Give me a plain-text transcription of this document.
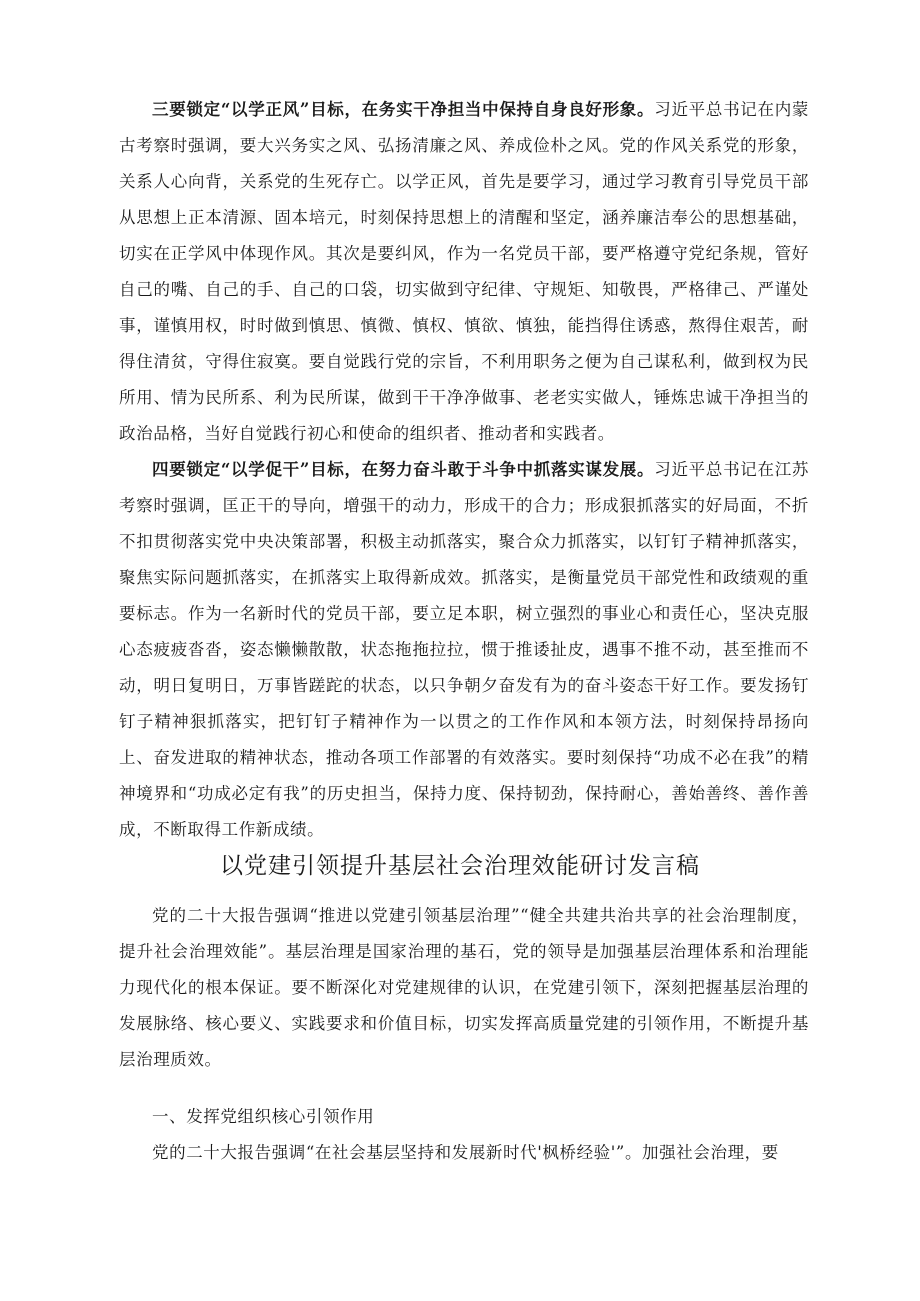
三要锁定“以学正风”目标，在务实干净担当中保持自身良好形象。习近平总书记在内蒙古考察时强调，要大兴务实之风、弘扬清廉之风、养成俭朴之风。党的作风关系党的形象，关系人心向背，关系党的生死存亡。以学正风，首先是要学习，通过学习教育引导党员干部从思想上正本清源、固本培元，时刻保持思想上的清醒和坚定，涵养廉洁奉公的思想基础，切实在正学风中体现作风。其次是要纠风，作为一名党员干部，要严格遵守党纪条规，管好自己的嘴、自己的手、自己的口袋，切实做到守纪律、守规矩、知敬畏，严格律己、严谨处事，谨慎用权，时时做到慎思、慎微、慎权、慎欲、慎独，能挡得住诱惑，熬得住艰苦，耐得住清贫，守得住寂寞。要自觉践行党的宗旨，不利用职务之便为自己谋私利，做到权为民所用、情为民所系、利为民所谋，做到干干净净做事、老老实实做人，锤炼忠诚干净担当的政治品格，当好自觉践行初心和使命的组织者、推动者和实践者。

四要锁定“以学促干”目标，在努力奋斗敢于斗争中抓落实谋发展。习近平总书记在江苏考察时强调，匡正干的导向，增强干的动力，形成干的合力；形成狠抓落实的好局面，不折不扣贯彻落实党中央决策部署，积极主动抓落实，聚合众力抓落实，以钉钉子精神抓落实，聚焦实际问题抓落实，在抓落实上取得新成效。抓落实，是衡量党员干部党性和政绩观的重要标志。作为一名新时代的党员干部，要立足本职，树立强烈的事业心和责任心，坚决克服心态疲疲沓沓，姿态懒懒散散，状态拖拖拉拉，惯于推诿扯皮，遇事不推不动，甚至推而不动，明日复明日，万事皆蹉跎的状态，以只争朝夕奋发有为的奋斗姿态干好工作。要发扬钉钉子精神狠抓落实，把钉钉子精神作为一以贯之的工作作风和本领方法，时刻保持昂扬向上、奋发进取的精神状态，推动各项工作部署的有效落实。要时刻保持“功成不必在我”的精神境界和“功成必定有我”的历史担当，保持力度、保持韧劲，保持耐心，善始善终、善作善成，不断取得工作新成绩。

以党建引领提升基层社会治理效能研讨发言稿

党的二十大报告强调“推进以党建引领基层治理”“健全共建共治共享的社会治理制度，提升社会治理效能”。基层治理是国家治理的基石，党的领导是加强基层治理体系和治理能力现代化的根本保证。要不断深化对党建规律的认识，在党建引领下，深刻把握基层治理的发展脉络、核心要义、实践要求和价值目标，切实发挥高质量党建的引领作用，不断提升基层治理质效。

一、发挥党组织核心引领作用

党的二十大报告强调“在社会基层坚持和发展新时代'枫桥经验'”。加强社会治理，要
